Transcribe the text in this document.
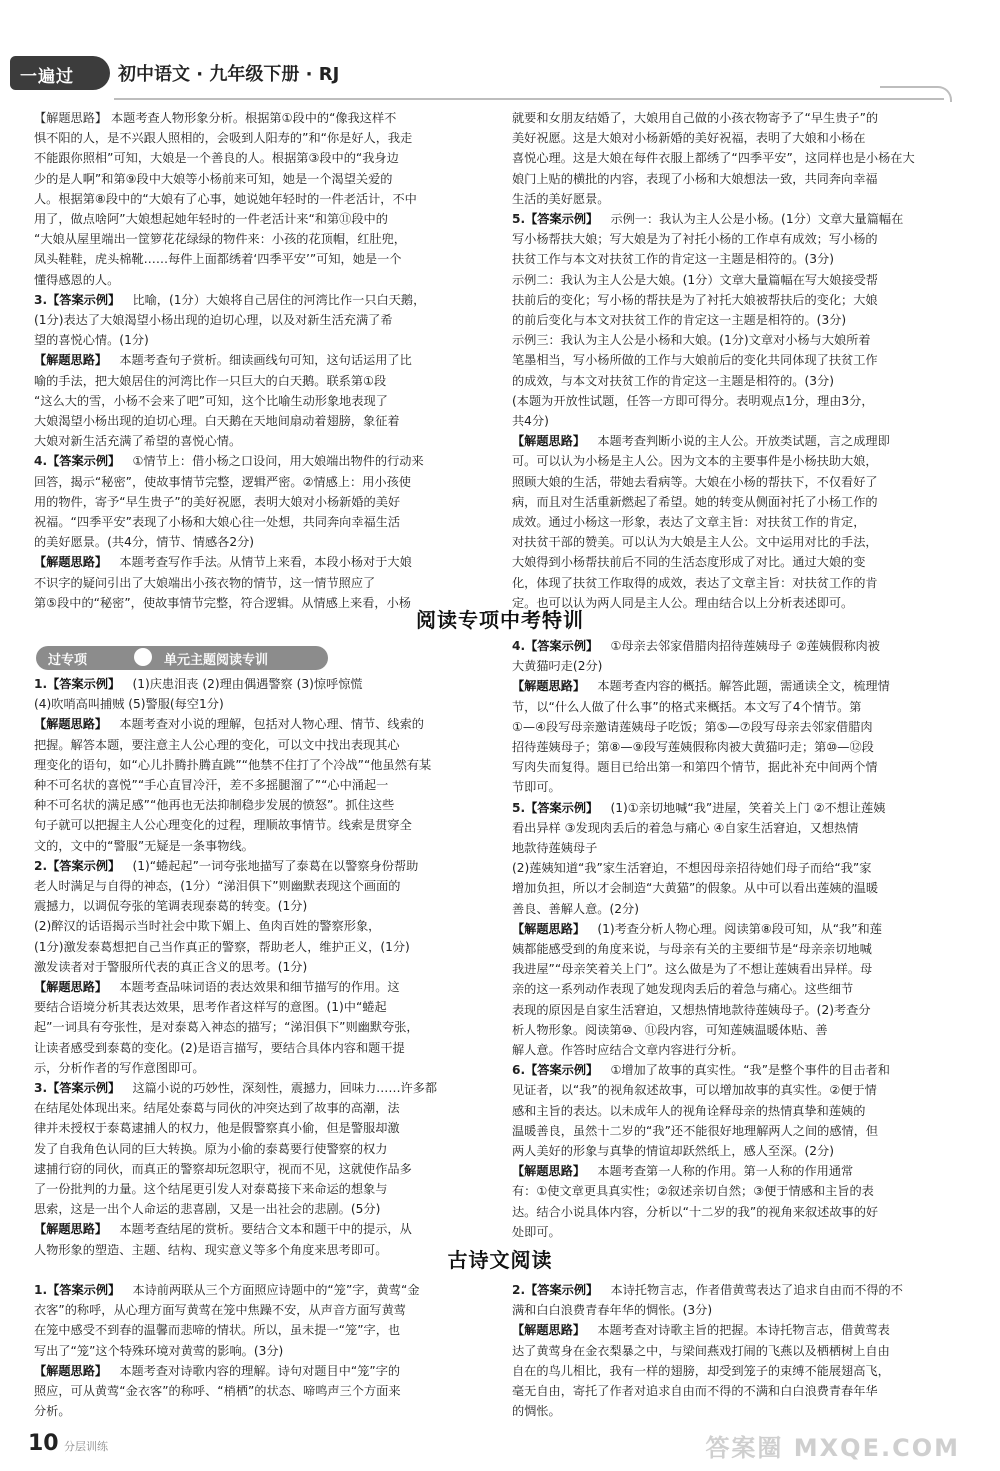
一遍过 初中语文 · 九年级下册 · RJ

【解题思路】 本题考查人物形象分析。根据第①段中的“像我这样不

惧不阳的人，是不兴跟人照相的，会吸到人阳寿的”和“你是好人，我走

不能跟你照相”可知，大娘是一个善良的人。根据第③段中的“我身边

少的是人啊”和第⑨段中大娘等小杨前来可知，她是一个渴望关爱的

人。根据第⑧段中的“大娘有了心事，她说她年轻时的一件老活计，不中

用了，做点啥阿”大娘想起她年轻时的一件老活计来“和第⑪段中的

“大娘从屋里端出一筐箩花花绿绿的物件来：小孩的花顶帽，红肚兜，

凤头鞋鞋，虎头棉靴……每件上面都绣着‘四季平安’”可知，她是一个

懂得感恩的人。

3.【答案示例】 比喻，(1分）大娘将自己居住的河湾比作一只白天鹅，

(1分)表达了大娘渴望小杨出现的迫切心理，以及对新生活充满了希

望的喜悦心情。(1分)

【解题思路】 本题考查句子赏析。细读画线句可知，这句话运用了比

喻的手法，把大娘居住的河湾比作一只巨大的白天鹅。联系第①段

“这么大的雪，小杨不会来了吧”可知，这个比喻生动形象地表现了

大娘渴望小杨出现的迫切心理。白天鹅在天地间扇动着翅膀，象征着

大娘对新生活充满了希望的喜悦心情。

4.【答案示例】 ①情节上：借小杨之口设问，用大娘端出物件的行动来

回答，揭示“秘密”，使故事情节完整，逻辑严密。②情感上：用小孩使

用的物件，寄予“早生贵子”的美好祝愿，表明大娘对小杨新婚的美好

祝福。“四季平安”表现了小杨和大娘心往一处想，共同奔向幸福生活

的美好愿景。(共4分，情节、情感各2分)

【解题思路】 本题考查写作手法。从情节上来看，本段小杨对于大娘

不识字的疑问引出了大娘端出小孩衣物的情节，这一情节照应了

第⑤段中的“秘密”，使故事情节完整，符合逻辑。从情感上来看，小杨

就要和女朋友结婚了，大娘用自己做的小孩衣物寄予了“早生贵子”的

美好祝愿。这是大娘对小杨新婚的美好祝福，表明了大娘和小杨在

喜悦心理。这是大娘在每件衣服上都绣了“四季平安”，这同样也是小杨在大

娘门上贴的横批的内容，表现了小杨和大娘想法一致，共同奔向幸福

生活的美好愿景。

5.【答案示例】 示例一：我认为主人公是小杨。(1分）文章大量篇幅在

写小杨帮扶大娘；写大娘是为了衬托小杨的工作卓有成效；写小杨的

扶贫工作与本文对扶贫工作的肯定这一主题是相符的。(3分)

示例二：我认为主人公是大娘。(1分）文章大量篇幅在写大娘接受帮

扶前后的变化；写小杨的帮扶是为了衬托大娘被帮扶后的变化；大娘

的前后变化与本文对扶贫工作的肯定这一主题是相符的。(3分)

示例三：我认为主人公是小杨和大娘。(1分)文章对小杨与大娘所着

笔墨相当，写小杨所做的工作与大娘前后的变化共同体现了扶贫工作

的成效，与本文对扶贫工作的肯定这一主题是相符的。(3分)

(本题为开放性试题，任答一方即可得分。表明观点1分，理由3分，

共4分)

【解题思路】 本题考查判断小说的主人公。开放类试题，言之成理即

可。可以认为小杨是主人公。因为文本的主要事件是小杨扶助大娘，

照顾大娘的生活，带她去看病等。大娘在小杨的帮扶下，不仅看好了

病，而且对生活重新燃起了希望。她的转变从侧面衬托了小杨工作的

成效。通过小杨这一形象，表达了文章主旨：对扶贫工作的肯定，

对扶贫干部的赞美。可以认为大娘是主人公。文中运用对比的手法，

大娘得到小杨帮扶前后不同的生活态度形成了对比。通过大娘的变

化，体现了扶贫工作取得的成效，表达了文章主旨：对扶贫工作的肯

定。也可以认为两人同是主人公。理由结合以上分析表述即可。

阅读专项中考特训
过专项	单元主题阅读专训

1.【答案示例】 (1)庆患泪丧 (2)理由偶遇警察 (3)惊呼惊慌

(4)吹哨高叫捕贼 (5)警服(每空1分)

【解题思路】 本题考查对小说的理解，包括对人物心理、情节、线索的

把握。解答本题，要注意主人公心理的变化，可以文中找出表现其心

理变化的语句，如“心儿扑腾扑腾直跳”“他禁不住打了个冷战”“他虽然有某

种不可名状的喜悦”“手心直冒冷汗，差不多摇腿溜了”“心中涌起一

种不可名状的满足感”“他再也无法抑制稳步发展的愤怒”。抓住这些

句子就可以把握主人公心理变化的过程，理顺故事情节。线索是贯穿全

文的，文中的“警服”无疑是一条事物线。

2.【答案示例】 (1)“蜷起起”一词夸张地描写了泰葛在以警察身份帮助

老人时满足与自得的神态，(1分）“涕泪俱下”则幽默表现这个画面的

震撼力，以调侃夸张的笔调表现泰葛的转变。(1分)

(2)醉汉的话语揭示当时社会中欺下媚上、鱼肉百姓的警察形象，

(1分)激发泰葛想把自己当作真正的警察，帮助老人，维护正义，(1分)

激发读者对于警服所代表的真正含义的思考。(1分)

【解题思路】 本题考查品味词语的表达效果和细节描写的作用。这

要结合语境分析其表达效果，思考作者这样写的意图。(1)中“蜷起

起”一词具有夸张性，是对泰葛入神态的描写；“涕泪俱下”则幽默夸张，

让读者感受到泰葛的变化。(2)是语言描写，要结合具体内容和题干提

示，分析作者的写作意图即可。

3.【答案示例】 这篇小说的巧妙性，深刻性，震撼力，回味力……许多都

在结尾处体现出来。结尾处泰葛与同伙的冲突达到了故事的高潮，法

律并未授权于泰葛逮捕人的权力，他是假警察真小偷，但是警服却激

发了自我角色认同的巨大转换。原为小偷的泰葛要行使警察的权力

逮捕行窃的同伙，而真正的警察却玩忽职守，视而不见，这就使作品多

了一份批判的力量。这个结尾更引发人对泰葛接下来命运的想象与

思索，这是一出个人命运的悲喜剧，又是一出社会的悲剧。(5分)

【解题思路】 本题考查结尾的赏析。要结合文本和题干中的提示，从

人物形象的塑造、主题、结构、现实意义等多个角度来思考即可。

4.【答案示例】 ①母亲去邻家借腊肉招待莲姨母子 ②莲姨假称肉被

大黄猫叼走(2分)

【解题思路】 本题考查内容的概括。解答此题，需通读全文，梳理情

节，以“什么人做了什么事”的格式来概括。本文写了4个情节。第

①—④段写母亲邀请莲姨母子吃饭；第⑤—⑦段写母亲去邻家借腊肉

招待莲姨母子；第⑧—⑨段写莲姨假称肉被大黄猫叼走；第⑩—⑫段

写肉失而复得。题目已给出第一和第四个情节，据此补充中间两个情

节即可。

5.【答案示例】 (1)①亲切地喊“我”进屋，笑着关上门 ②不想让莲姨

看出异样 ③发现肉丢后的着急与痛心 ④自家生活窘迫，又想热情

地款待莲姨母子

(2)莲姨知道“我”家生活窘迫，不想因母亲招待她们母子而给“我”家

增加负担，所以才会制造“大黄猫”的假象。从中可以看出莲姨的温暖

善良、善解人意。(2分)

【解题思路】 (1)考查分析人物心理。阅读第⑧段可知，从“我”和莲

姨都能感受到的角度来说，与母亲有关的主要细节是“母亲亲切地喊

我进屋”“母亲笑着关上门”。这么做是为了不想让莲姨看出异样。母

亲的这一系列动作表现了她发现肉丢后的着急与痛心。这些细节

表现的原因是自家生活窘迫，又想热情地款待莲姨母子。(2)考查分

析人物形象。阅读第⑩、⑪段内容，可知莲姨温暖体贴、善

解人意。作答时应结合文章内容进行分析。

6.【答案示例】 ①增加了故事的真实性。“我”是整个事件的目击者和

见证者，以“我”的视角叙述故事，可以增加故事的真实性。②便于情

感和主旨的表达。以未成年人的视角诠释母亲的热情真挚和莲姨的

温暖善良，虽然十二岁的“我”还不能很好地理解两人之间的感情，但

两人美好的形象与真挚的情谊却跃然纸上，感人至深。(2分)

【解题思路】 本题考查第一人称的作用。第一人称的作用通常

有：①使文章更具真实性；②叙述亲切自然；③便于情感和主旨的表

达。结合小说具体内容，分析以“十二岁的我”的视角来叙述故事的好

处即可。

古诗文阅读

1.【答案示例】 本诗前两联从三个方面照应诗题中的“笼”字，黄莺“金

衣客”的称呼，从心理方面写黄莺在笼中焦躁不安，从声音方面写黄莺

在笼中感受不到春的温馨而悲啼的情状。所以，虽未提一“笼”字，也

写出了“笼”这个特殊环境对黄莺的影响。(3分)

【解题思路】 本题考查对诗歌内容的理解。诗句对题目中“笼”字的

照应，可从黄莺“金衣客”的称呼、“梢栖”的状态、啼鸣声三个方面来

分析。

2.【答案示例】 本诗托物言志，作者借黄莺表达了追求自由而不得的不

满和白白浪费青春年华的惆怅。(3分)

【解题思路】 本题考查对诗歌主旨的把握。本诗托物言志，借黄莺表

达了黄莺身在金衣梨暴之中，与梁间燕戏打闹的飞燕以及栖栖树上自由

自在的鸟儿相比，我有一样的翅膀，却受到笼子的束缚不能展翅高飞，

毫无自由，寄托了作者对追求自由而不得的不满和白白浪费青春年华

的惆怅。

10 分层训练	答案圈 MXQE.COM
